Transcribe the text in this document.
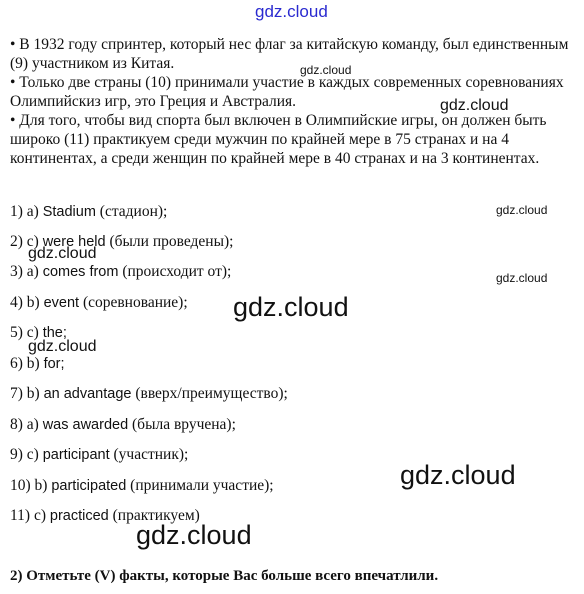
gdz.cloud

• В 1932 году спринтер, который нес флаг за китайскую команду, был единственным (9) участником из Китая.

• Только две страны (10) принимали участие в каждых современных соревнованиях Олимпийскиз игр, это Греция и Австралия.

• Для того, чтобы вид спорта был включен в Олимпийские игры, он должен быть широко (11) практикуем среди мужчин по крайней мере в 75 странах и на 4 континентах, а среди женщин по крайней мере в 40 странах и на 3 континентах.

gdz.cloud
gdz.cloud
1) a) Stadium (стадион);
2) c) were held (были проведены);
3) a) comes from (происходит от);
4) b) event (соревнование);
5) c) the;
6) b) for;
7) b) an advantage (вверх/преимущество);
8) a) was awarded (была вручена);
9) c) participant (участник);
10) b) participated (принимали участие);
11) c) practiced (практикуем)
gdz.cloud
gdz.cloud
gdz.cloud
gdz.cloud
gdz.cloud
gdz.cloud
gdz.cloud
2) Отметьте (V) факты, которые Вас больше всего впечатлили.
